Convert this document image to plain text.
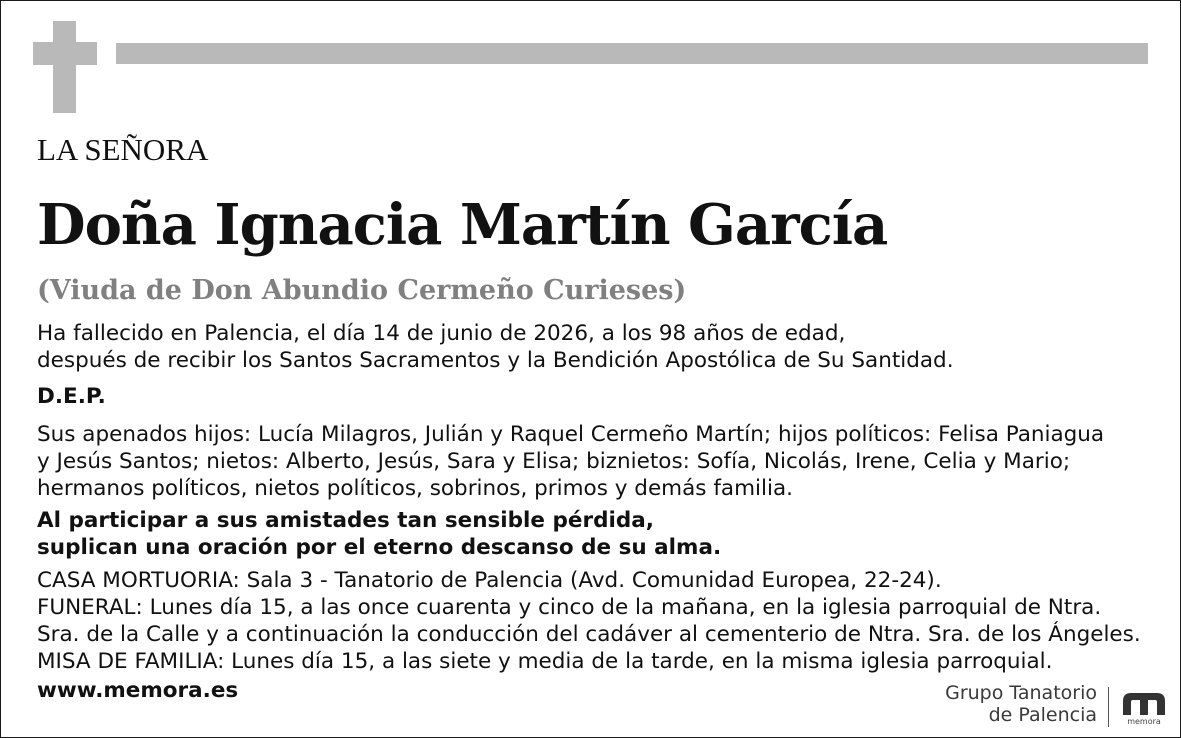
LA SEÑORA
Doña Ignacia Martín García
(Viuda de Don Abundio Cermeño Curieses)
Ha fallecido en Palencia, el día 14 de junio de 2026, a los 98 años de edad,
después de recibir los Santos Sacramentos y la Bendición Apostólica de Su Santidad.
D.E.P.
Sus apenados hijos: Lucía Milagros, Julián y Raquel Cermeño Martín; hijos políticos: Felisa Paniagua
y Jesús Santos; nietos: Alberto, Jesús, Sara y Elisa; biznietos: Sofía, Nicolás, Irene, Celia y Mario;
hermanos políticos, nietos políticos, sobrinos, primos y demás familia.
Al participar a sus amistades tan sensible pérdida,
suplican una oración por el eterno descanso de su alma.
CASA MORTUORIA: Sala 3 - Tanatorio de Palencia (Avd. Comunidad Europea, 22-24).
FUNERAL: Lunes día 15, a las once cuarenta y cinco de la mañana, en la iglesia parroquial de Ntra.
Sra. de la Calle y a continuación la conducción del cadáver al cementerio de Ntra. Sra. de los Ángeles.
MISA DE FAMILIA: Lunes día 15, a las siete y media de la tarde, en la misma iglesia parroquial.
www.memora.es	Grupo Tanatorio
de Palencia	memora
